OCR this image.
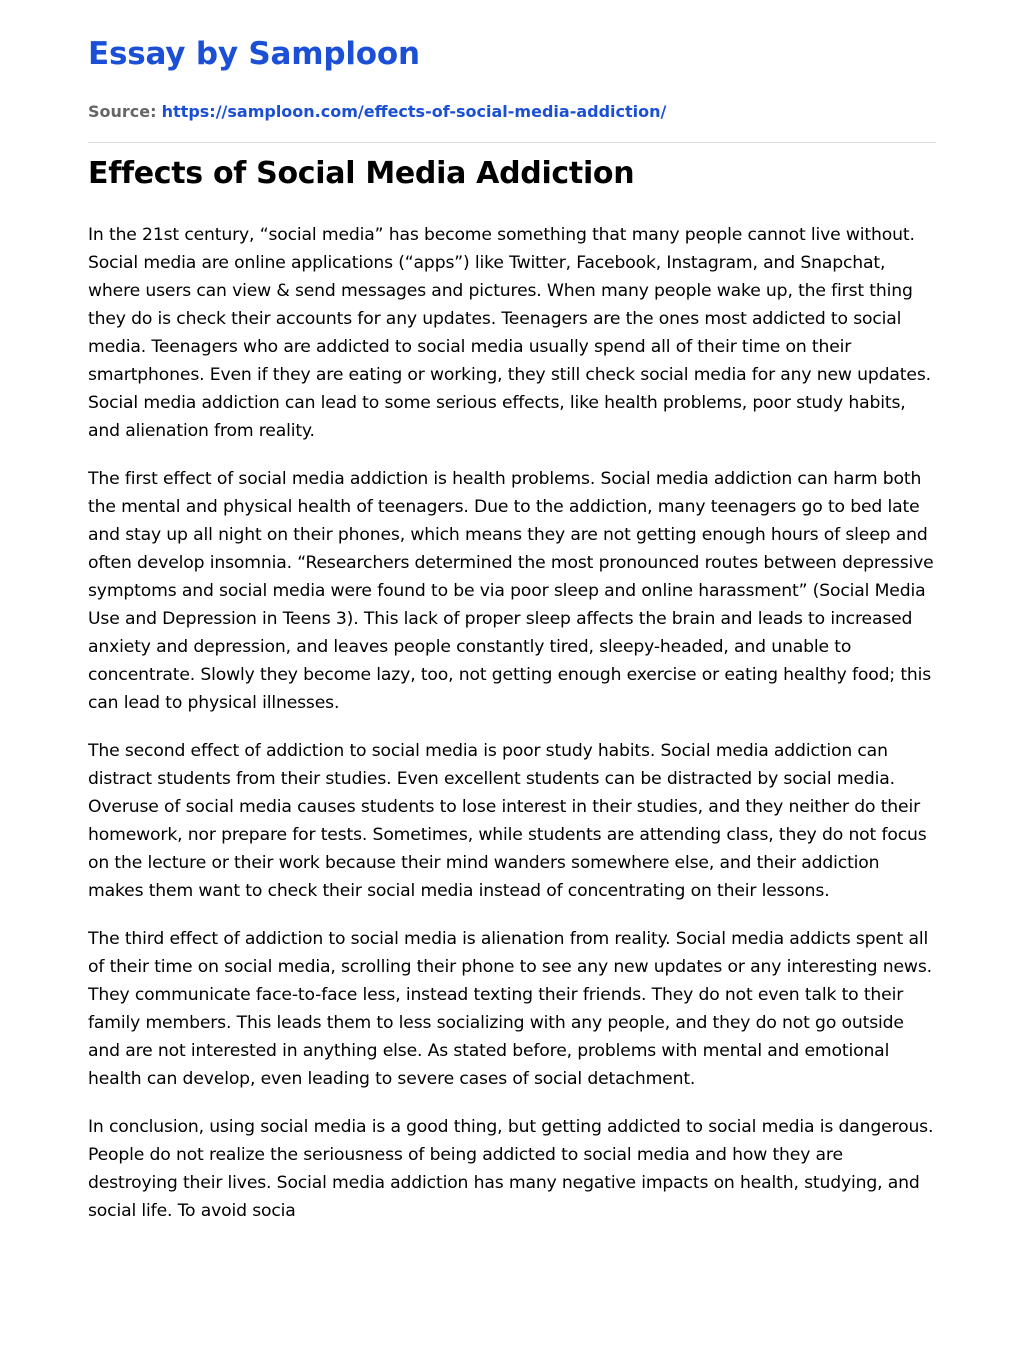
Essay by Samploon
Source: https://samploon.com/effects-of-social-media-addiction/
Effects of Social Media Addiction

In the 21st century, “social media” has become something that many people cannot live without. Social media are online applications (“apps”) like Twitter, Facebook, Instagram, and Snapchat, where users can view & send messages and pictures. When many people wake up, the first thing they do is check their accounts for any updates. Teenagers are the ones most addicted to social media. Teenagers who are addicted to social media usually spend all of their time on their smartphones. Even if they are eating or working, they still check social media for any new updates. Social media addiction can lead to some serious effects, like health problems, poor study habits, and alienation from reality.

The first effect of social media addiction is health problems. Social media addiction can harm both the mental and physical health of teenagers. Due to the addiction, many teenagers go to bed late and stay up all night on their phones, which means they are not getting enough hours of sleep and often develop insomnia. “Researchers determined the most pronounced routes between depressive symptoms and social media were found to be via poor sleep and online harassment” (Social Media Use and Depression in Teens 3). This lack of proper sleep affects the brain and leads to increased anxiety and depression, and leaves people constantly tired, sleepy-headed, and unable to concentrate. Slowly they become lazy, too, not getting enough exercise or eating healthy food; this can lead to physical illnesses.

The second effect of addiction to social media is poor study habits. Social media addiction can distract students from their studies. Even excellent students can be distracted by social media. Overuse of social media causes students to lose interest in their studies, and they neither do their homework, nor prepare for tests. Sometimes, while students are attending class, they do not focus on the lecture or their work because their mind wanders somewhere else, and their addiction makes them want to check their social media instead of concentrating on their lessons.

The third effect of addiction to social media is alienation from reality. Social media addicts spent all of their time on social media, scrolling their phone to see any new updates or any interesting news. They communicate face-to-face less, instead texting their friends. They do not even talk to their family members. This leads them to less socializing with any people, and they do not go outside and are not interested in anything else. As stated before, problems with mental and emotional health can develop, even leading to severe cases of social detachment.

In conclusion, using social media is a good thing, but getting addicted to social media is dangerous. People do not realize the seriousness of being addicted to social media and how they are destroying their lives. Social media addiction has many negative impacts on health, studying, and social life. To avoid socia
